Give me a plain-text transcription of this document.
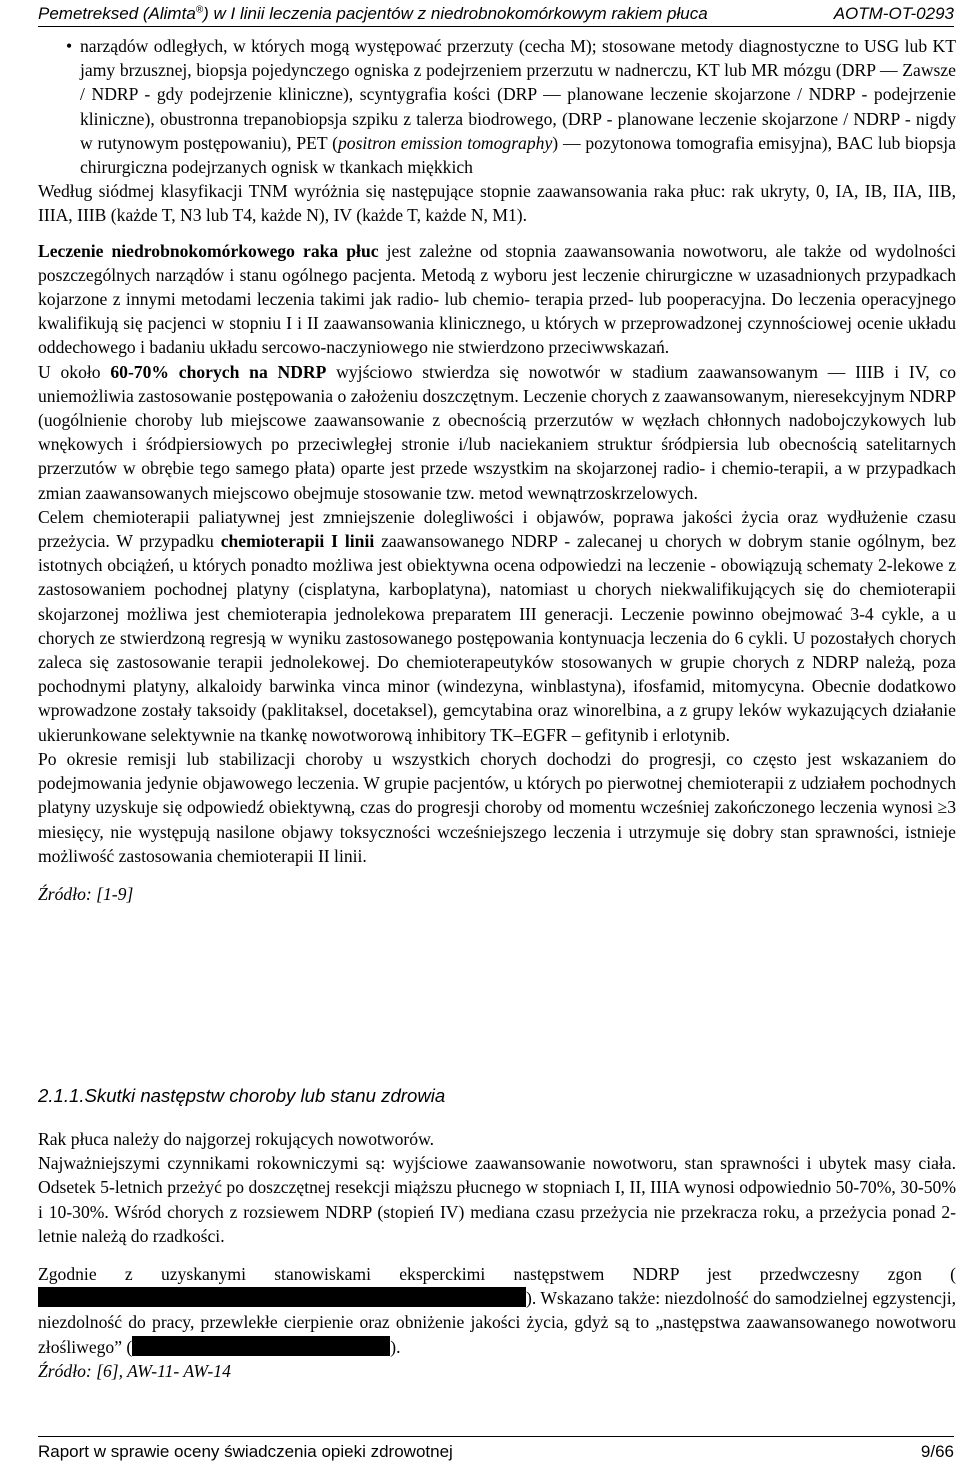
Pemetreksed (Alimta®) w I linii leczenia pacjentów z niedrobnokomórkowym rakiem płuca	AOTM-OT-0293
• narządów odległych, w których mogą występować przerzuty (cecha M); stosowane metody diagnostyczne to USG lub KT jamy brzusznej, biopsja pojedynczego ogniska z podejrzeniem przerzutu w nadnerczu, KT lub MR mózgu (DRP — Zawsze / NDRP - gdy podejrzenie kliniczne), scyntygrafia kości (DRP — planowane leczenie skojarzone / NDRP - podejrzenie kliniczne), obustronna trepanobiopsja szpiku z talerza biodrowego, (DRP - planowane leczenie skojarzone / NDRP - nigdy w rutynowym postępowaniu), PET (positron emission tomography) — pozytonowa tomografia emisyjna), BAC lub biopsja chirurgiczna podejrzanych ognisk w tkankach miękkich

Według siódmej klasyfikacji TNM wyróżnia się następujące stopnie zaawansowania raka płuc: rak ukryty, 0, IA, IB, IIA, IIB, IIIA, IIIB (każde T, N3 lub T4, każde N), IV (każde T, każde N, M1).

Leczenie niedrobnokomórkowego raka płuc jest zależne od stopnia zaawansowania nowotworu, ale także od wydolności poszczególnych narządów i stanu ogólnego pacjenta. Metodą z wyboru jest leczenie chirurgiczne w uzasadnionych przypadkach kojarzone z innymi metodami leczenia takimi jak radio- lub chemio- terapia przed- lub pooperacyjna. Do leczenia operacyjnego kwalifikują się pacjenci w stopniu I i II zaawansowania klinicznego, u których w przeprowadzonej czynnościowej ocenie układu oddechowego i badaniu układu sercowo-naczyniowego nie stwierdzono przeciwwskazań.

U około 60-70% chorych na NDRP wyjściowo stwierdza się nowotwór w stadium zaawansowanym — IIIB i IV, co uniemożliwia zastosowanie postępowania o założeniu doszczętnym. Leczenie chorych z zaawansowanym, nieresekcyjnym NDRP (uogólnienie choroby lub miejscowe zaawansowanie z obecnością przerzutów w węzłach chłonnych nadobojczykowych lub wnękowych i śródpiersiowych po przeciwległej stronie i/lub naciekaniem struktur śródpiersia lub obecnością satelitarnych przerzutów w obrębie tego samego płata) oparte jest przede wszystkim na skojarzonej radio- i chemio-terapii, a w przypadkach zmian zaawansowanych miejscowo obejmuje stosowanie tzw. metod wewnątrzoskrzelowych.

Celem chemioterapii paliatywnej jest zmniejszenie dolegliwości i objawów, poprawa jakości życia oraz wydłużenie czasu przeżycia. W przypadku chemioterapii I linii zaawansowanego NDRP - zalecanej u chorych w dobrym stanie ogólnym, bez istotnych obciążeń, u których ponadto możliwa jest obiektywna ocena odpowiedzi na leczenie - obowiązują schematy 2-lekowe z zastosowaniem pochodnej platyny (cisplatyna, karboplatyna), natomiast u chorych niekwalifikujących się do chemioterapii skojarzonej możliwa jest chemioterapia jednolekowa preparatem III generacji. Leczenie powinno obejmować 3-4 cykle, a u chorych ze stwierdzoną regresją w wyniku zastosowanego postępowania kontynuacja leczenia do 6 cykli. U pozostałych chorych zaleca się zastosowanie terapii jednolekowej. Do chemioterapeutyków stosowanych w grupie chorych z NDRP należą, poza pochodnymi platyny, alkaloidy barwinka vinca minor (windezyna, winblastyna), ifosfamid, mitomycyna. Obecnie dodatkowo wprowadzone zostały taksoidy (paklitaksel, docetaksel), gemcytabina oraz winorelbina, a z grupy leków wykazujących działanie ukierunkowane selektywnie na tkankę nowotworową inhibitory TK–EGFR – gefitynib i erlotynib.

Po okresie remisji lub stabilizacji choroby u wszystkich chorych dochodzi do progresji, co często jest wskazaniem do podejmowania jedynie objawowego leczenia. W grupie pacjentów, u których po pierwotnej chemioterapii z udziałem pochodnych platyny uzyskuje się odpowiedź obiektywną, czas do progresji choroby od momentu wcześniej zakończonego leczenia wynosi ≥3 miesięcy, nie występują nasilone objawy toksyczności wcześniejszego leczenia i utrzymuje się dobry stan sprawności, istnieje możliwość zastosowania chemioterapii II linii.

Źródło: [1-9]

2.1.1.Skutki następstw choroby lub stanu zdrowia

Rak płuca należy do najgorzej rokujących nowotworów.

Najważniejszymi czynnikami rokowniczymi są: wyjściowe zaawansowanie nowotworu, stan sprawności i ubytek masy ciała. Odsetek 5-letnich przeżyć po doszczętnej resekcji miąższu płucnego w stopniach I, II, IIIA wynosi odpowiednio 50-70%, 30-50% i 10-30%. Wśród chorych z rozsiewem NDRP (stopień IV) mediana czasu przeżycia nie przekracza roku, a przeżycia ponad 2-letnie należą do rzadkości.

Zgodnie z uzyskanymi stanowiskami eksperckimi następstwem NDRP jest przedwczesny zgon (). Wskazano także: niezdolność do samodzielnej egzystencji, niezdolność do pracy, przewlekłe cierpienie oraz obniżenie jakości życia, gdyż są to „następstwa zaawansowanego nowotworu złośliwego” (	).

Źródło: [6], AW-11- AW-14

Raport w sprawie oceny świadczenia opieki zdrowotnej	9/66
